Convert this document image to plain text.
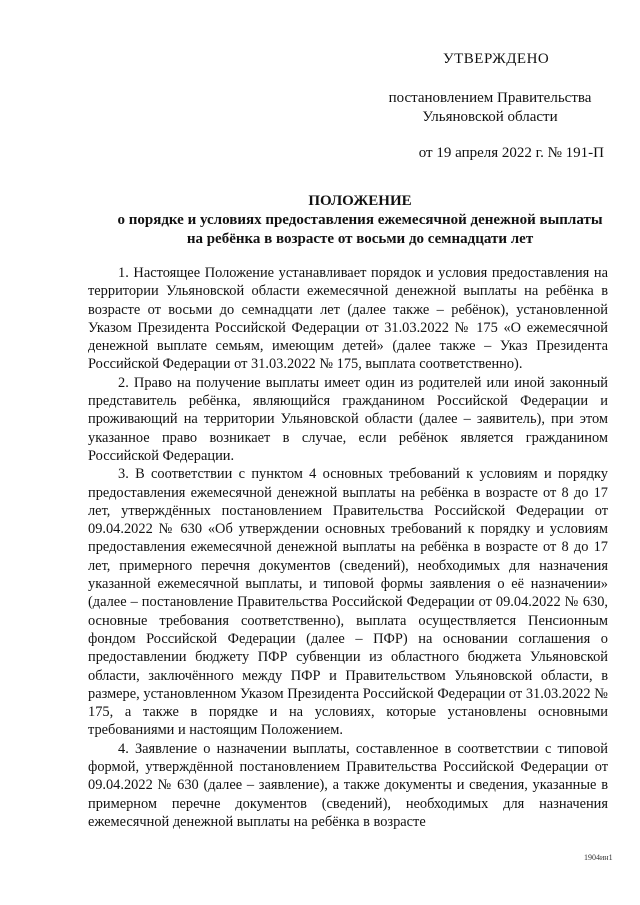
УТВЕРЖДЕНО
постановлением Правительства
Ульяновской области
от 19 апреля 2022 г. № 191-П
ПОЛОЖЕНИЕ
о порядке и условиях предоставления ежемесячной денежной выплаты
на ребёнка в возрасте от восьми до семнадцати лет

1. Настоящее Положение устанавливает порядок и условия предоставления на территории Ульяновской области ежемесячной денежной выплаты на ребёнка в возрасте от восьми до семнадцати лет (далее также – ребёнок), установленной Указом Президента Российской Федерации от 31.03.2022 № 175 «О ежемесячной денежной выплате семьям, имеющим детей» (далее также – Указ Президента Российской Федерации от 31.03.2022 № 175, выплата соответственно).

2. Право на получение выплаты имеет один из родителей или иной законный представитель ребёнка, являющийся гражданином Российской Федерации и проживающий на территории Ульяновской области (далее – заявитель), при этом указанное право возникает в случае, если ребёнок является гражданином Российской Федерации.

3. В соответствии с пунктом 4 основных требований к условиям и порядку предоставления ежемесячной денежной выплаты на ребёнка в возрасте от 8 до 17 лет, утверждённых постановлением Правительства Российской Федерации от 09.04.2022 № 630 «Об утверждении основных требований к порядку и условиям предоставления ежемесячной денежной выплаты на ребёнка в возрасте от 8 до 17 лет, примерного перечня документов (сведений), необходимых для назначения указанной ежемесячной выплаты, и типовой формы заявления о её назначении» (далее – постановление Правительства Российской Федерации от 09.04.2022 № 630, основные требования соответственно), выплата осуществляется Пенсионным фондом Российской Федерации (далее – ПФР) на основании соглашения о предоставлении бюджету ПФР субвенции из областного бюджета Ульяновской области, заключённого между ПФР и Правительством Ульяновской области, в размере, установленном Указом Президента Российской Федерации от 31.03.2022 № 175, а также в порядке и на условиях, которые установлены основными требованиями и настоящим Положением.

4. Заявление о назначении выплаты, составленное в соответствии с типовой формой, утверждённой постановлением Правительства Российской Федерации от 09.04.2022 № 630 (далее – заявление), а также документы и сведения, указанные в примерном перечне документов (сведений), необходимых для назначения ежемесячной денежной выплаты на ребёнка в возрасте

1904ин1
